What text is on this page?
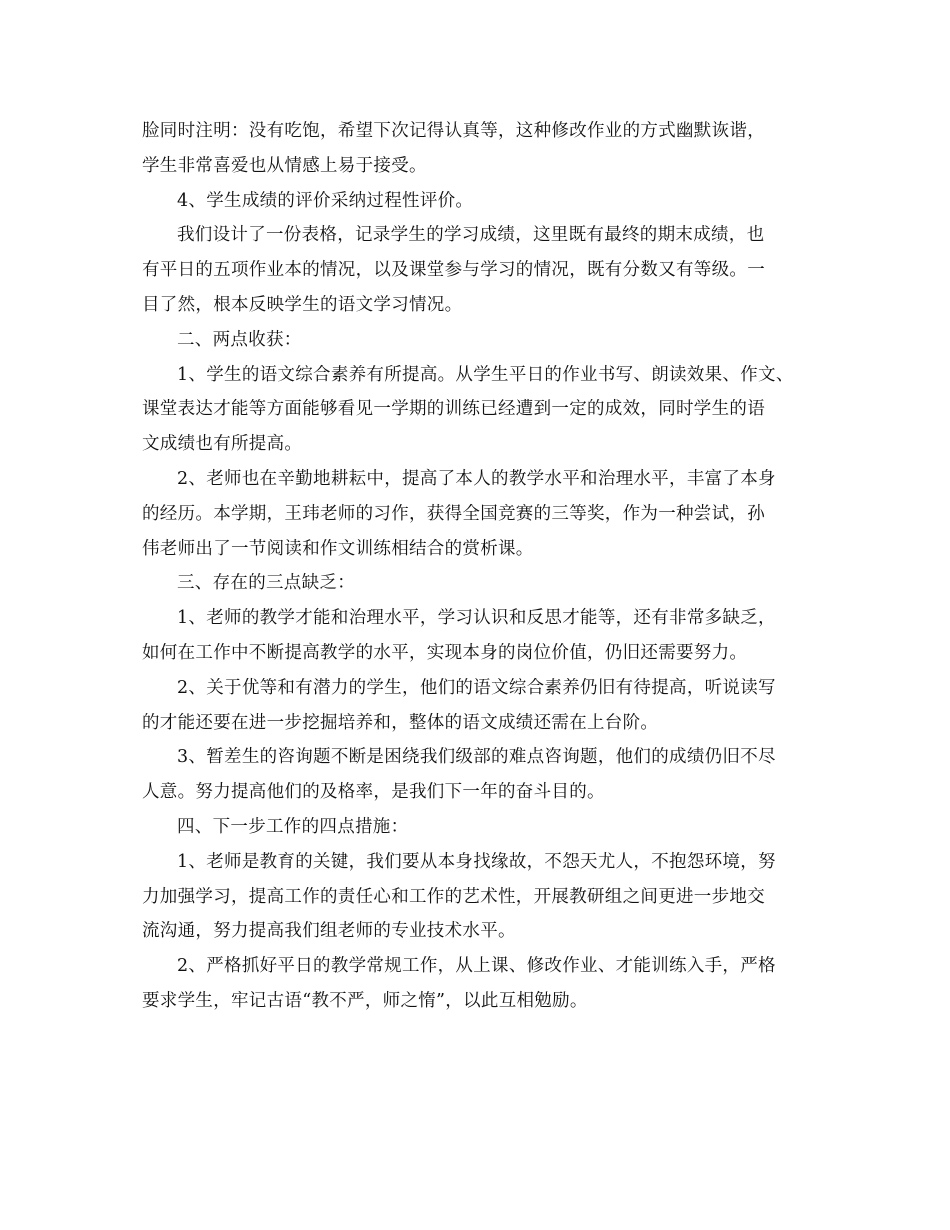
脸同时注明：没有吃饱，希望下次记得认真等，这种修改作业的方式幽默诙谐，
学生非常喜爱也从情感上易于接受。
4、学生成绩的评价采纳过程性评价。
我们设计了一份表格，记录学生的学习成绩，这里既有最终的期末成绩，也
有平日的五项作业本的情况，以及课堂参与学习的情况，既有分数又有等级。一
目了然，根本反映学生的语文学习情况。
二、两点收获：
1、学生的语文综合素养有所提高。从学生平日的作业书写、朗读效果、作文、
课堂表达才能等方面能够看见一学期的训练已经遭到一定的成效，同时学生的语
文成绩也有所提高。
2、老师也在辛勤地耕耘中，提高了本人的教学水平和治理水平，丰富了本身
的经历。本学期，王玮老师的习作，获得全国竞赛的三等奖，作为一种尝试，孙
伟老师出了一节阅读和作文训练相结合的赏析课。
三、存在的三点缺乏：
1、老师的教学才能和治理水平，学习认识和反思才能等，还有非常多缺乏，
如何在工作中不断提高教学的水平，实现本身的岗位价值，仍旧还需要努力。
2、关于优等和有潜力的学生，他们的语文综合素养仍旧有待提高，听说读写
的才能还要在进一步挖掘培养和，整体的语文成绩还需在上台阶。
3、暂差生的咨询题不断是困绕我们级部的难点咨询题，他们的成绩仍旧不尽
人意。努力提高他们的及格率，是我们下一年的奋斗目的。
四、下一步工作的四点措施：
1、老师是教育的关键，我们要从本身找缘故，不怨天尤人，不抱怨环境，努
力加强学习，提高工作的责任心和工作的艺术性，开展教研组之间更进一步地交
流沟通，努力提高我们组老师的专业技术水平。
2、严格抓好平日的教学常规工作，从上课、修改作业、才能训练入手，严格
要求学生，牢记古语“教不严，师之惰”，以此互相勉励。
